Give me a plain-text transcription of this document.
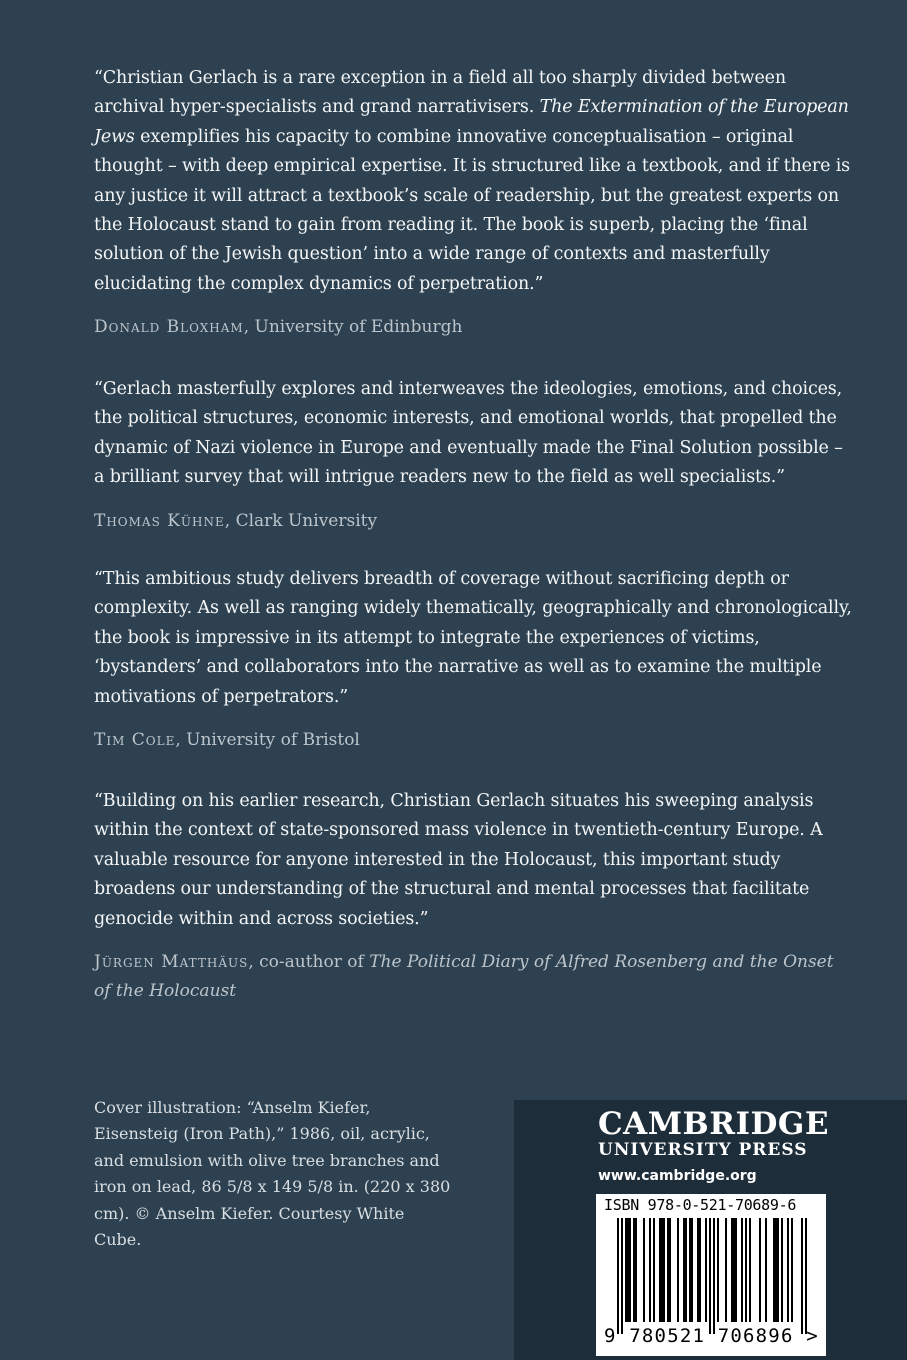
“Christian Gerlach is a rare exception in a field all too sharply divided between archival hyper-specialists and grand narrativisers. The Extermination of the European Jews exemplifies his capacity to combine innovative conceptualisation – original thought – with deep empirical expertise. It is structured like a textbook, and if there is any justice it will attract a textbook’s scale of readership, but the greatest experts on the Holocaust stand to gain from reading it. The book is superb, placing the ‘final solution of the Jewish question’ into a wide range of contexts and masterfully elucidating the complex dynamics of perpetration.”

Donald Bloxham, University of Edinburgh

“Gerlach masterfully explores and interweaves the ideologies, emotions, and choices, the political structures, economic interests, and emotional worlds, that propelled the dynamic of Nazi violence in Europe and eventually made the Final Solution possible – a brilliant survey that will intrigue readers new to the field as well specialists.”

Thomas Kühne, Clark University

“This ambitious study delivers breadth of coverage without sacrificing depth or complexity. As well as ranging widely thematically, geographically and chronologically, the book is impressive in its attempt to integrate the experiences of victims, ‘bystanders’ and collaborators into the narrative as well as to examine the multiple motivations of perpetrators.”

Tim Cole, University of Bristol

“Building on his earlier research, Christian Gerlach situates his sweeping analysis within the context of state-sponsored mass violence in twentieth-century Europe. A valuable resource for anyone interested in the Holocaust, this important study broadens our understanding of the structural and mental processes that facilitate genocide within and across societies.”

Jürgen Matthäus, co-author of The Political Diary of Alfred Rosenberg and the Onset of the Holocaust
Cover illustration: “Anselm Kiefer, Eisensteig (Iron Path),” 1986, oil, acrylic, and emulsion with olive tree branches and iron on lead, 86 5/8 x 149 5/8 in. (220 x 380 cm). © Anselm Kiefer. Courtesy White Cube.
CAMBRIDGE
UNIVERSITY PRESS
www.cambridge.org
ISBN 978-0-521-70689-6
9 780521 706896 >
